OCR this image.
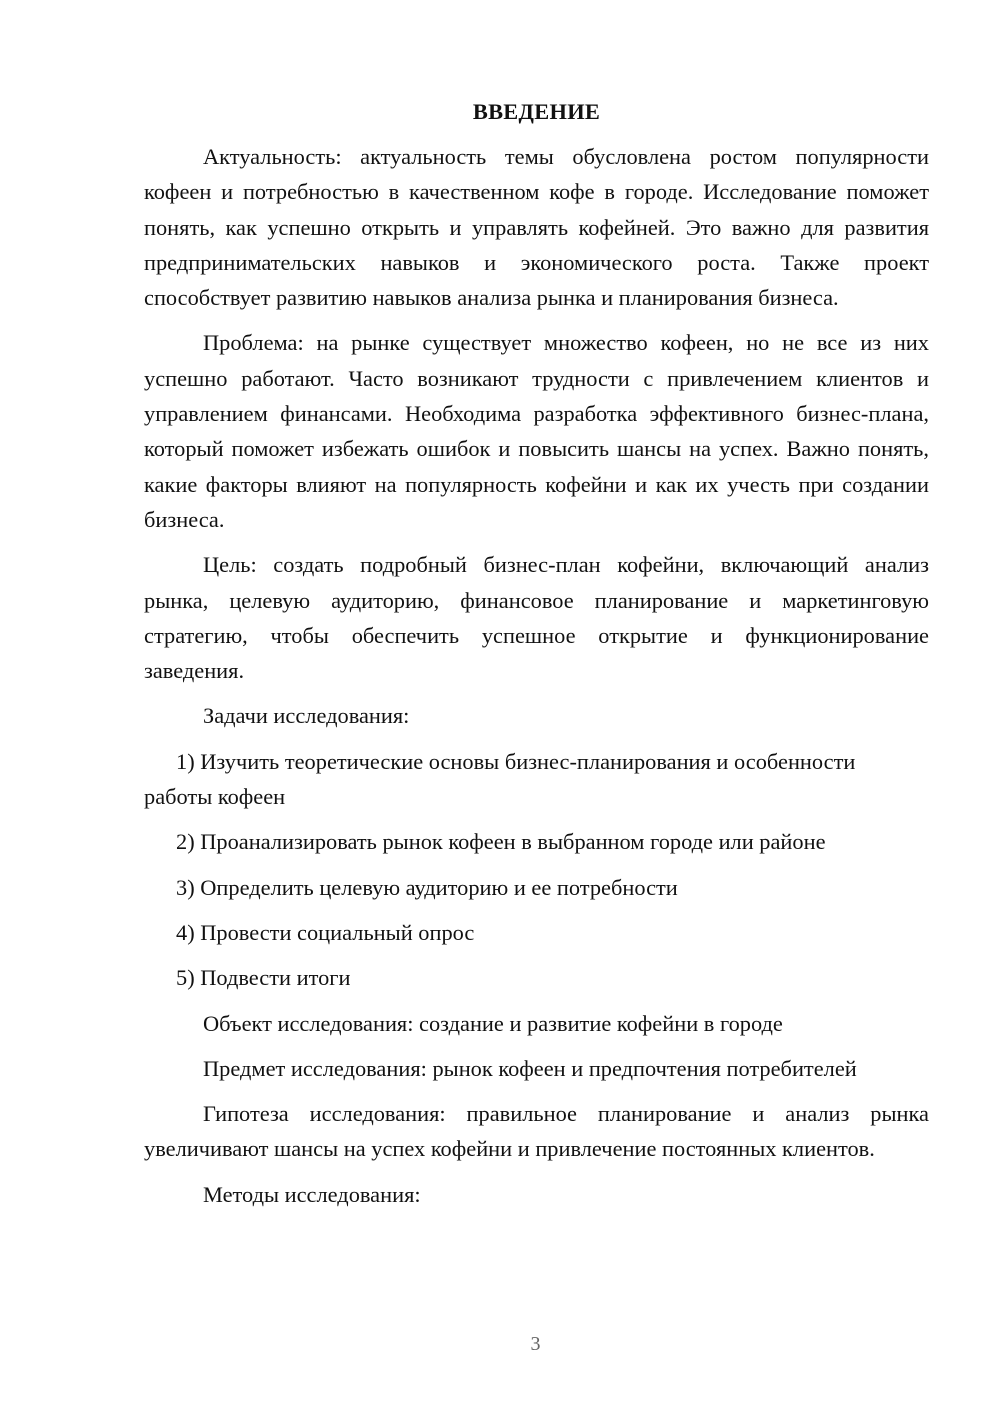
ВВЕДЕНИЕ

Актуальность: актуальность темы обусловлена ростом популярности кофеен и потребностью в качественном кофе в городе. Исследование поможет понять, как успешно открыть и управлять кофейней. Это важно для развития предпринимательских навыков и экономического роста. Также проект способствует развитию навыков анализа рынка и планирования бизнеса.

Проблема: на рынке существует множество кофеен, но не все из них успешно работают. Часто возникают трудности с привлечением клиентов и управлением финансами. Необходима разработка эффективного бизнес-плана, который поможет избежать ошибок и повысить шансы на успех. Важно понять, какие факторы влияют на популярность кофейни и как их учесть при создании бизнеса.

Цель: создать подробный бизнес-план кофейни, включающий анализ рынка, целевую аудиторию, финансовое планирование и маркетинговую стратегию, чтобы обеспечить успешное открытие и функционирование заведения.

Задачи исследования:

1) Изучить теоретические основы бизнес-планирования и особенности работы кофеен

2) Проанализировать рынок кофеен в выбранном городе или районе

3) Определить целевую аудиторию и ее потребности

4) Провести социальный опрос

5) Подвести итоги

Объект исследования: создание и развитие кофейни в городе

Предмет исследования: рынок кофеен и предпочтения потребителей

Гипотеза исследования: правильное планирование и анализ рынка увеличивают шансы на успех кофейни и привлечение постоянных клиентов.

Методы исследования:

3
